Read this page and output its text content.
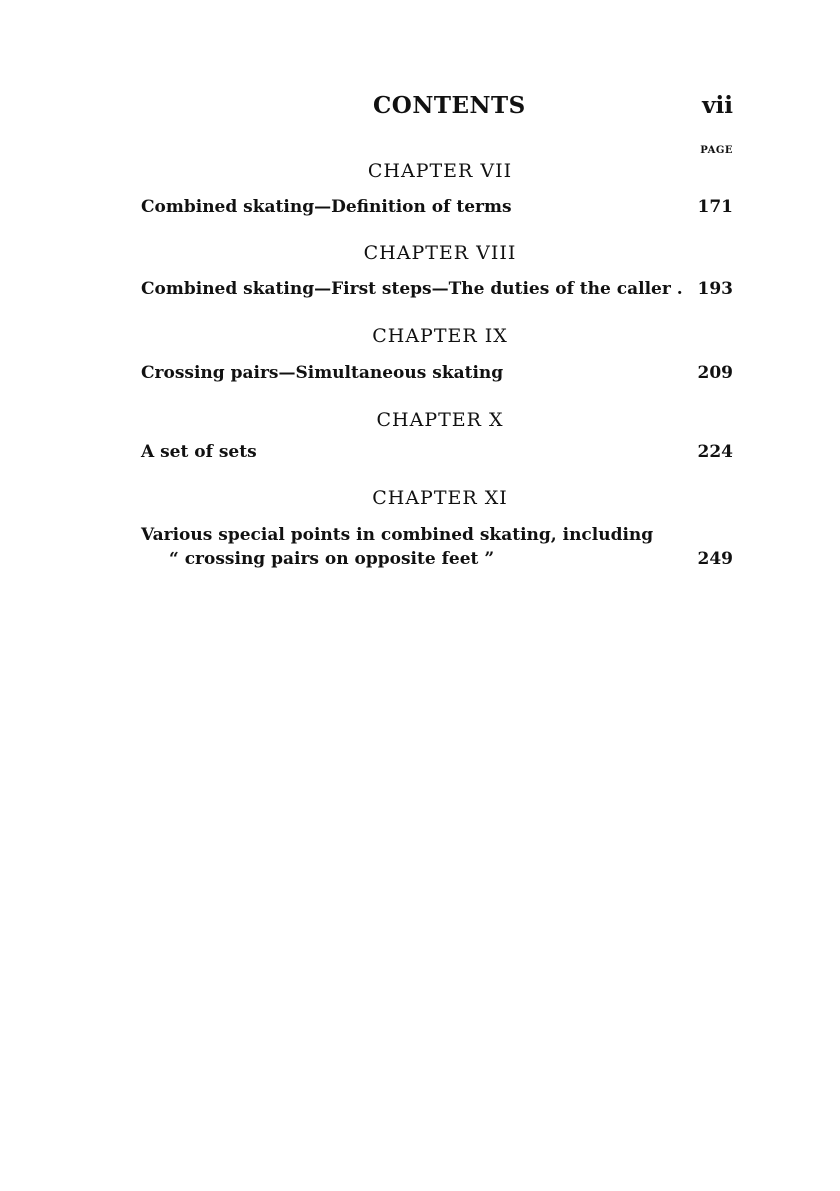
CONTENTS	vii
PAGE
CHAPTER VII
Combined skating—Definition of terms	171
CHAPTER VIII
Combined skating—First steps—The duties of the caller . 193
CHAPTER IX
Crossing pairs—Simultaneous skating	209
CHAPTER X
A set of sets	224
CHAPTER XI
Various special points in combined skating, including
“ crossing pairs on opposite feet ”	249
